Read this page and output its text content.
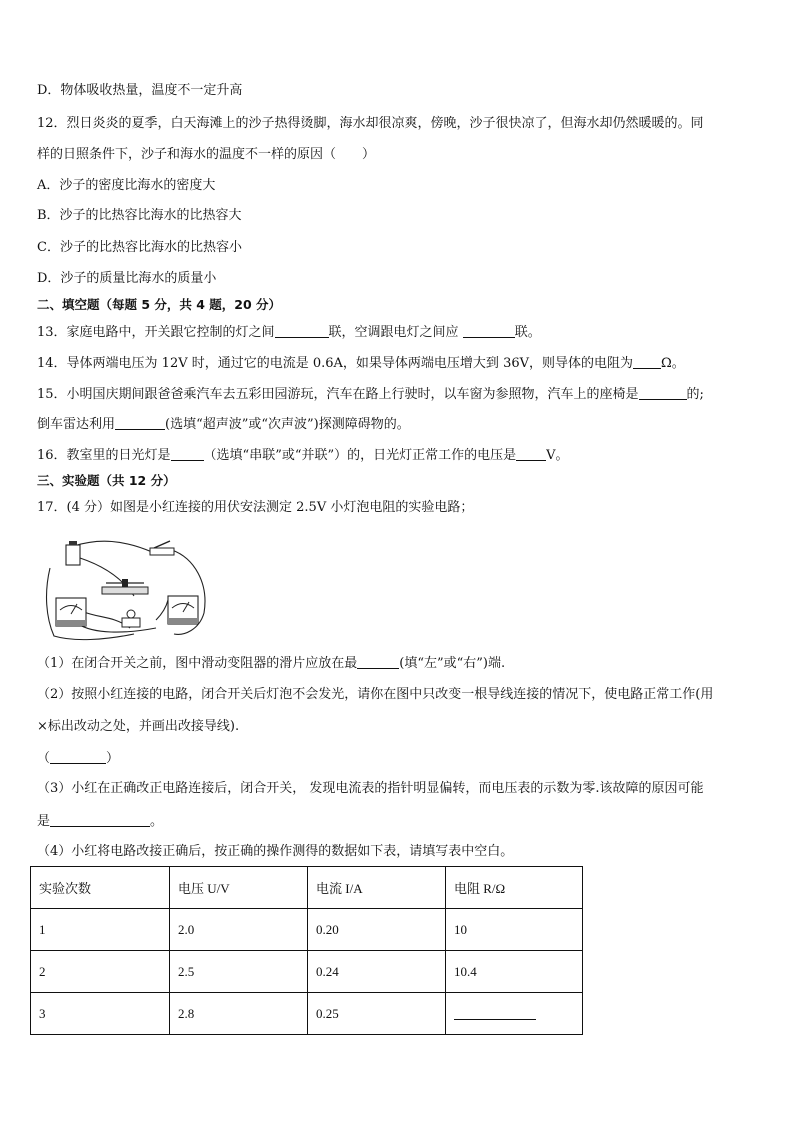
D．物体吸收热量，温度不一定升高
12．烈日炎炎的夏季，白天海滩上的沙子热得烫脚，海水却很凉爽，傍晚，沙子很快凉了，但海水却仍然暖暖的。同
样的日照条件下，沙子和海水的温度不一样的原因（　　）
A．沙子的密度比海水的密度大
B．沙子的比热容比海水的比热容大
C．沙子的比热容比海水的比热容小
D．沙子的质量比海水的质量小
二、填空题（每题 5 分，共 4 题，20 分）
13．家庭电路中，开关跟它控制的灯之间	联，空调跟电灯之间应	联。
14．导体两端电压为 12V 时，通过它的电流是 0.6A，如果导体两端电压增大到 36V，则导体的电阻为 Ω。
15．小明国庆期间跟爸爸乘汽车去五彩田园游玩，汽车在路上行驶时，以车窗为参照物，汽车上的座椅是	的;
倒车雷达利用	(选填“超声波”或“次声波”)探测障碍物的。
16．教室里的日光灯是	（选填“串联”或“并联”）的，日光灯正常工作的电压是 V。
三、实验题（共 12 分）
17．(4 分）如图是小红连接的用伏安法测定 2.5V 小灯泡电阻的实验电路；
（1）在闭合开关之前，图中滑动变阻器的滑片应放在最	(填“左”或“右”)端.
（2）按照小红连接的电路，闭合开关后灯泡不会发光，请你在图中只改变一根导线连接的情况下，使电路正常工作(用
×标出改动之处，并画出改接导线).
（	）
（3）小红在正确改正电路连接后，闭合开关， 发现电流表的指针明显偏转，而电压表的示数为零.该故障的原因可能
是	。
（4）小红将电路改接正确后，按正确的操作测得的数据如下表，请填写表中空白。
实验次数	电压 U/V	电流 I/A	电阻 R/Ω
1	2.0	0.20	10
2	2.5	0.24	10.4
3	2.8	0.25	
